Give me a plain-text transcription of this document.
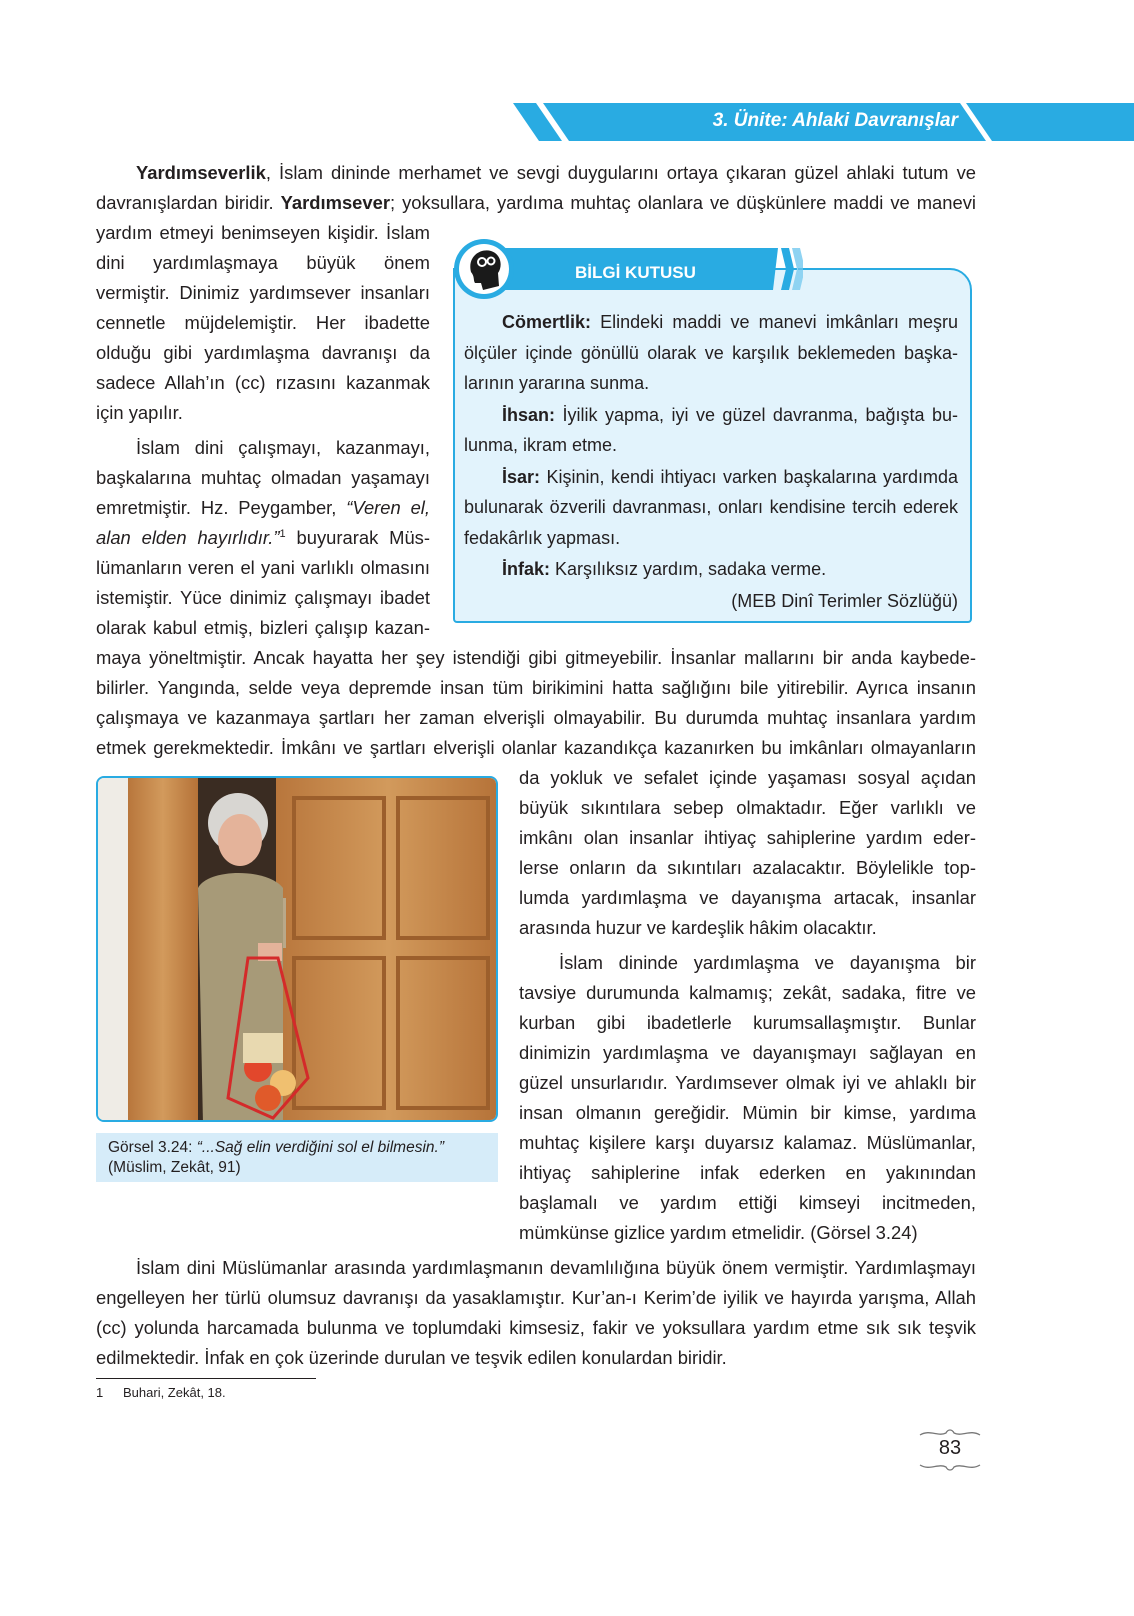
3. Ünite: Ahlaki Davranışlar

Cömertlik: Elindeki maddi ve manevi imkânları meşru ölçüler içinde gönüllü olarak ve karşılık beklemeden başkalarının yararına sunma.

İhsan: İyilik yapma, iyi ve güzel davranma, bağışta bulunma, ikram etme.

İsar: Kişinin, kendi ihtiyacı varken başkalarına yardımda bulunarak özverili davranması, onları kendisine tercih ederek fedakârlık yapması.

İnfak: Karşılıksız yardım, sadaka verme.

(MEB Dinî Terimler Sözlüğü)

BİLGİ KUTUSU
Görsel 3.24: “...Sağ elin verdiğini sol el bilmesin.”
(Müslim, Zekât, 91)

Yardımseverlik, İslam dininde merhamet ve sevgi duygularını ortaya çıkaran güzel ahlaki tutum ve davranışlardan biridir. Yardımsever; yoksullara, yardıma muhtaç olanlara ve düşkünlere maddi ve manevi yardım etmeyi benimseyen kişidir. İslam dini yardımlaşmaya büyük önem vermiştir. Dinimiz yardımsever insanları cennetle müjdelemiştir. Her ibadette olduğu gibi yardımlaşma davranışı da sadece Allah’ın (cc) rızasını kazanmak için yapılır.

İslam dini çalışmayı, kazanmayı, başkalarına muhtaç olmadan yaşamayı emretmiştir. Hz. Peygamber, “Veren el, alan elden hayırlıdır.”$^1$ buyurarak Müslümanların veren el yani varlıklı olmasını istemiştir. Yüce dinimiz çalışmayı ibadet olarak kabul etmiş, bizleri çalışıp kazanmaya yöneltmiştir. Ancak hayatta her şey istendiği gibi gitmeyebilir. İnsanlar mallarını bir anda kaybedebilirler. Yangında, selde veya depremde insan tüm birikimini hatta sağlığını bile yitirebilir. Ayrıca insanın çalışmaya ve kazanmaya şartları her zaman elverişli olmayabilir. Bu durumda muhtaç insanlara yardım etmek gerekmektedir. İmkânı ve şartları elverişli olanlar kazandıkça kazanırken bu imkânları olmayanların da yokluk ve sefalet içinde yaşaması sosyal açıdan büyük sıkıntılara sebep olmaktadır. Eğer varlıklı ve imkânı olan insanlar ihtiyaç sahiplerine yardım ederlerse onların da sıkıntıları azalacaktır. Böylelikle toplumda yardımlaşma ve dayanışma artacak, insanlar arasında huzur ve kardeşlik hâkim olacaktır.

İslam dininde yardımlaşma ve dayanışma bir tavsiye durumunda kalmamış; zekât, sadaka, fitre ve kurban gibi ibadetlerle kurumsallaşmıştır. Bunlar dinimizin yardımlaşma ve dayanışmayı sağlayan en güzel unsurlarıdır. Yardımsever olmak iyi ve ahlaklı bir insan olmanın gereğidir. Mümin bir kimse, yardıma muhtaç kişilere karşı duyarsız kalamaz. Müslümanlar, ihtiyaç sahiplerine infak ederken en yakınından başlamalı ve yardım ettiği kimseyi incitmeden, mümkünse gizlice yardım etmelidir. (Görsel 3.24)

İslam dini Müslümanlar arasında yardımlaşmanın devamlılığına büyük önem vermiştir. Yardımlaşmayı engelleyen her türlü olumsuz davranışı da yasaklamıştır. Kur’an-ı Kerim’de iyilik ve hayırda yarışma, Allah (cc) yolunda harcamada bulunma ve toplumdaki kimsesiz, fakir ve yoksullara yardım etme sık sık teşvik edilmektedir. İnfak en çok üzerinde durulan ve teşvik edilen konulardan biridir.

1 Buhari, Zekât, 18.
83
